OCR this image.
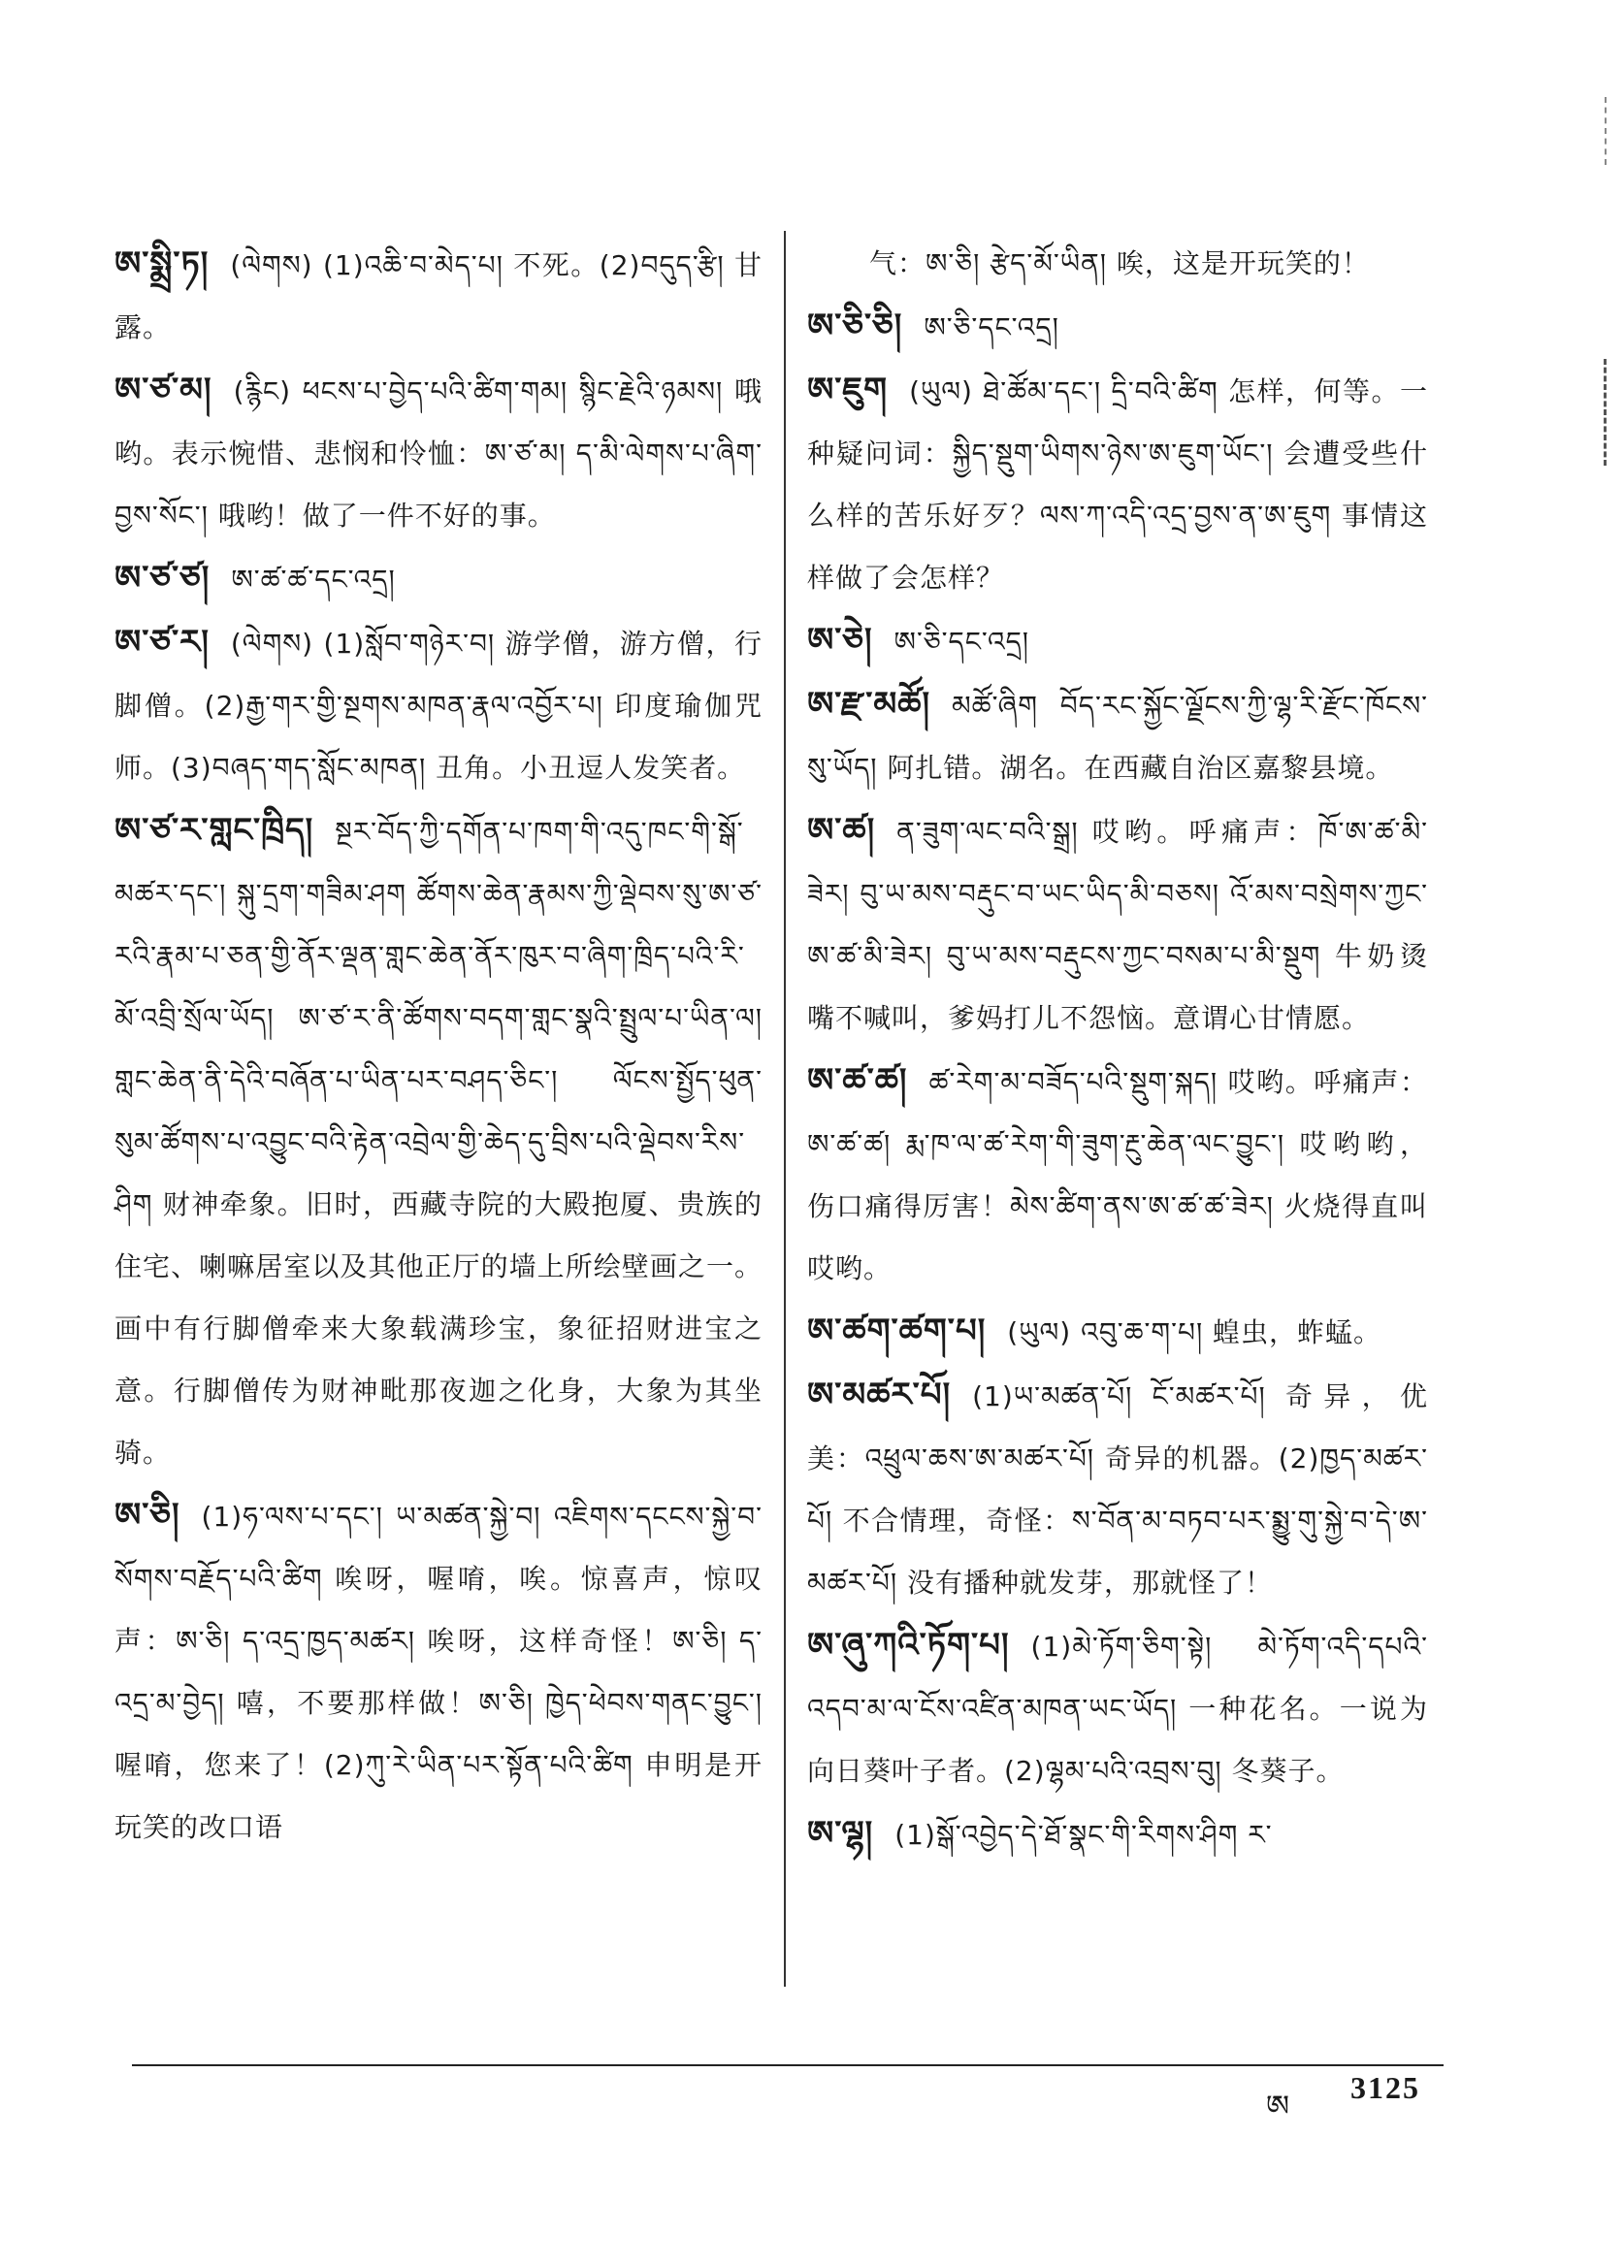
ཨ་སྨྲི་ཏ། (ལེགས) (1)འཆི་བ་མེད་པ། 不死。(2)བདུད་རྩི། 甘露。

ཨ་ཙ་མ། (རྙིང) ཕངས་པ་བྱེད་པའི་ཚིག་གམ། སྙིང་རྗེའི་ཉམས། 哦哟。表示惋惜、悲悯和怜恤：ཨ་ཙ་མ། ད་མི་ལེགས་པ་ཞིག་བྱས་སོང་། 哦哟！做了一件不好的事。

ཨ་ཙ་ཙ། ཨ་ཚ་ཚ་དང་འདྲ།

ཨ་ཙ་ར། (ལེགས) (1)སློབ་གཉེར་བ། 游学僧，游方僧，行脚僧。(2)རྒྱ་གར་གྱི་སྔགས་མཁན་རྣལ་འབྱོར་པ། 印度瑜伽咒师。(3)བཞད་གད་སློང་མཁན། 丑角。小丑逗人发笑者。

ཨ་ཙ་ར་གླང་ཁྲིད། སྔར་བོད་ཀྱི་དགོན་པ་ཁག་གི་འདུ་ཁང་གི་སྒོ་མཚར་དང་། སྐུ་དྲག་གཟིམ་ཤག ཚོགས་ཆེན་རྣམས་ཀྱི་ལྡེབས་སུ་ཨ་ཙ་རའི་རྣམ་པ་ཅན་གྱི་ནོར་ལྡན་གླང་ཆེན་ནོར་ཁུར་བ་ཞིག་ཁྲིད་པའི་རི་མོ་འབྲི་སྲོལ་ཡོད། ཨ་ཙ་ར་ནི་ཚོགས་བདག་གླང་སྣའི་སྤྲུལ་པ་ཡིན་ལ། གླང་ཆེན་ནི་དེའི་བཞོན་པ་ཡིན་པར་བཤད་ཅིང་། ལོངས་སྤྱོད་ཕུན་སུམ་ཚོགས་པ་འབྱུང་བའི་རྟེན་འབྲེལ་གྱི་ཆེད་དུ་བྲིས་པའི་ལྡེབས་རིས་ཤིག 财神牵象。旧时，西藏寺院的大殿抱厦、贵族的住宅、喇嘛居室以及其他正厅的墙上所绘壁画之一。画中有行脚僧牵来大象载满珍宝，象征招财进宝之意。行脚僧传为财神毗那夜迦之化身，大象为其坐骑。

ཨ་ཅི། (1)ཧ་ལས་པ་དང་། ཡ་མཚན་སྐྱེ་བ། འཇིགས་དངངས་སྐྱེ་བ་སོགས་བརྗོད་པའི་ཚིག 唉呀，喔唷，唉。惊喜声，惊叹声：ཨ་ཅི། ད་འདྲ་ཁྱད་མཚར། 唉呀，这样奇怪！ཨ་ཅི། ད་འདྲ་མ་བྱེད། 嘻，不要那样做！ཨ་ཅི། ཁྱེད་ཕེབས་གནང་བྱུང་། 喔唷，您来了！(2)ཀུ་རེ་ཡིན་པར་སྟོན་པའི་ཚིག 申明是开玩笑的改口语

气：ཨ་ཅི། རྩེད་མོ་ཡིན། 唉，这是开玩笑的！

ཨ་ཅི་ཅི། ཨ་ཅི་དང་འདྲ།

ཨ་ཇུག (ཡུལ) ཐེ་ཚོམ་དང་། དྲི་བའི་ཚིག 怎样，何等。一种疑问词：སྐྱིད་སྡུག་ཡིགས་ཉེས་ཨ་ཇུག་ཡོང་། 会遭受些什么样的苦乐好歹？ལས་ཀ་འདི་འདྲ་བྱས་ན་ཨ་ཇུག 事情这样做了会怎样？

ཨ་ཅེ། ཨ་ཅི་དང་འདྲ།

ཨ་རྫ་མཚོ། མཚོ་ཞིག བོད་རང་སྐྱོང་ལྗོངས་ཀྱི་ལྷ་རི་རྫོང་ཁོངས་སུ་ཡོད། 阿扎错。湖名。在西藏自治区嘉黎县境。

ཨ་ཚ། ན་ཟུག་ལང་བའི་སྒྲ། 哎哟。呼痛声：ཁོ་ཨ་ཚ་མི་ཟེར། བུ་ཡ་མས་བརྡུང་བ་ཡང་ཡིད་མི་བཅས། འོ་མས་བསྲེགས་ཀྱང་ཨ་ཚ་མི་ཟེར། བུ་ཡ་མས་བརྡུངས་ཀྱང་བསམ་པ་མི་སྡུག 牛奶烫嘴不喊叫，爹妈打儿不怨恼。意谓心甘情愿。

ཨ་ཚ་ཚ། ཚ་རེག་མ་བཟོད་པའི་སྡུག་སྐད། 哎哟。呼痛声：ཨ་ཚ་ཚ། རྨ་ཁ་ལ་ཚ་རེག་གི་ཟུག་རྔུ་ཆེན་ལང་བྱུང་། 哎哟哟，伤口痛得厉害！མེས་ཚིག་ནས་ཨ་ཚ་ཚ་ཟེར། 火烧得直叫哎哟。

ཨ་ཚག་ཚག་པ། (ཡུལ) འབུ་ཆ་ག་པ། 蝗虫，蚱蜢。

ཨ་མཚར་པོ། (1)ཡ་མཚན་པོ། ངོ་མཚར་པོ། 奇异，优美：འཕྲུལ་ཆས་ཨ་མཚར་པོ། 奇异的机器。(2)ཁྱད་མཚར་པོ། 不合情理，奇怪：ས་བོན་མ་བཏབ་པར་སྨྱུ་གུ་སྐྱེ་བ་དེ་ཨ་མཚར་པོ། 没有播种就发芽，那就怪了！

ཨ་ཞུ་ཀའི་ཏོག་པ། (1)མེ་ཏོག་ཅིག་སྟེ། མེ་ཏོག་འདི་དཔའི་འདབ་མ་ལ་ངོས་འཛིན་མཁན་ཡང་ཡོད། 一种花名。一说为向日葵叶子者。(2)ལྷམ་པའི་འབྲས་བུ། 冬葵子。

ཨ་ལྷ། (1)སྒོ་འབྱེད་དེ་ཐོ་སྣང་གི་རིགས་ཤིག ར་

ཨ
3125
